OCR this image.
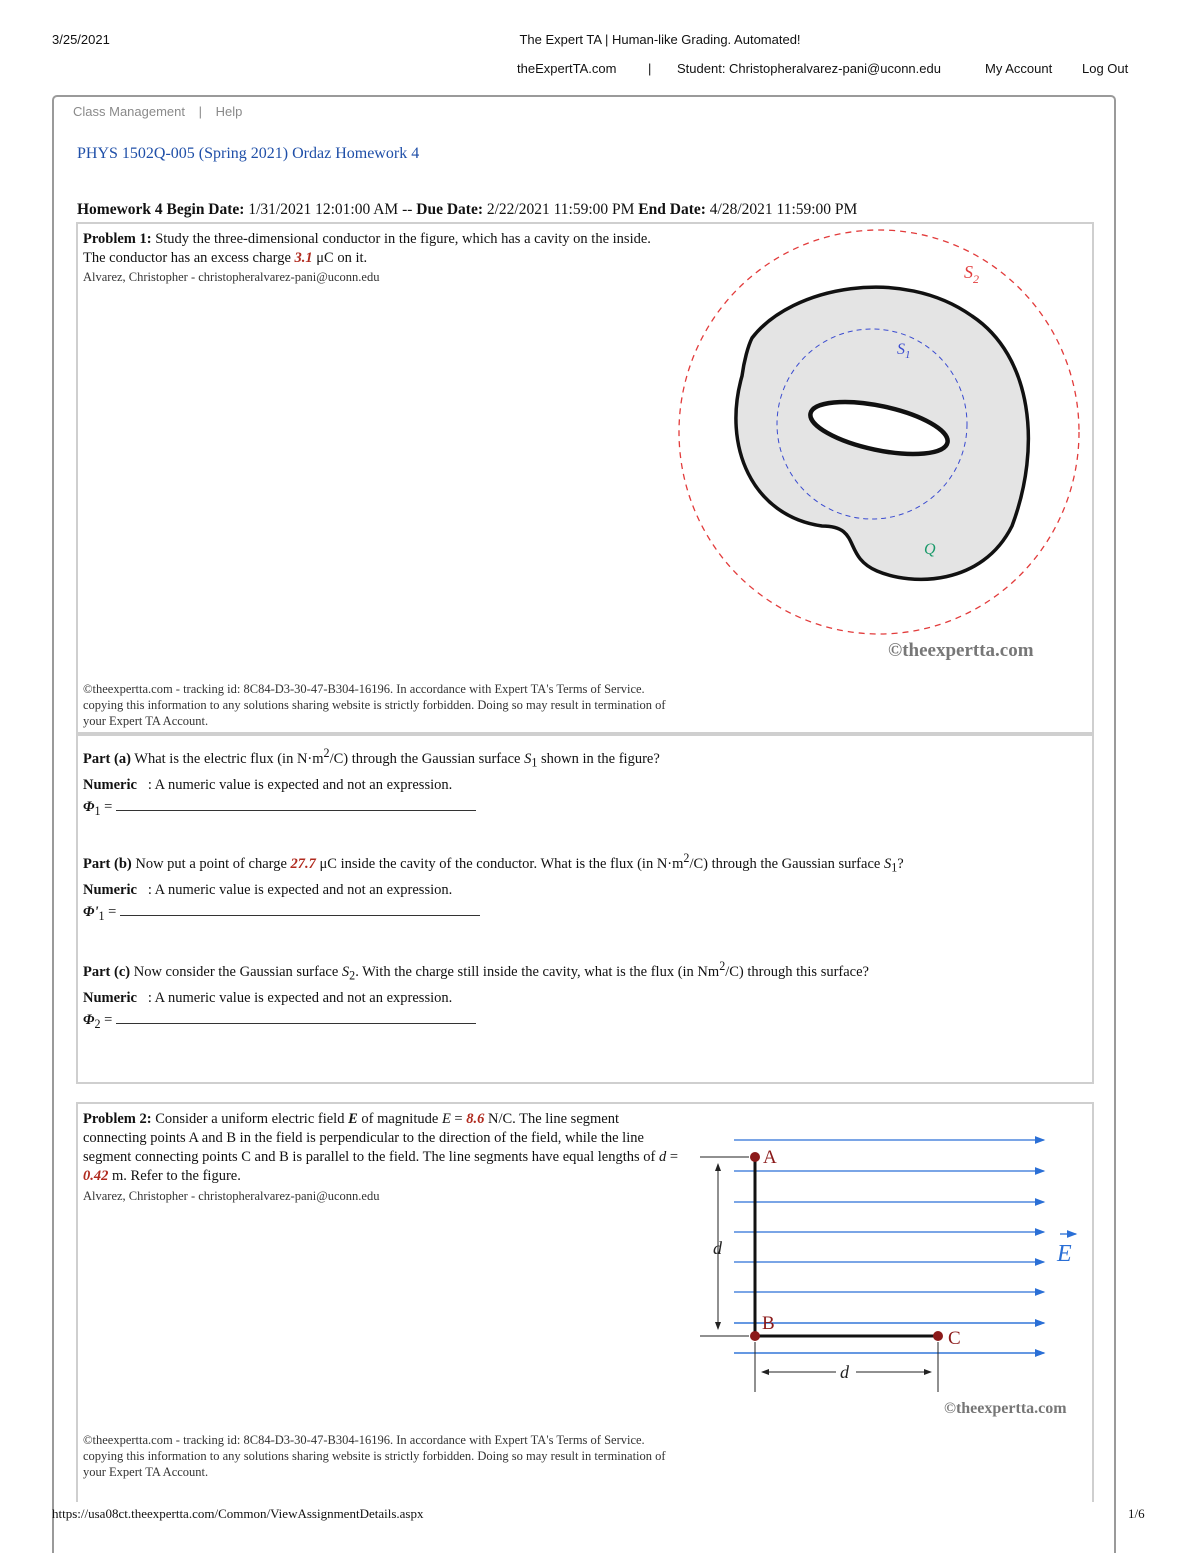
3/25/2021	The Expert TA | Human-like Grading. Automated!
theExpertTA.com | Student: Christopheralvarez-pani@uconn.edu	My Account Log Out
Class Management | Help
PHYS 1502Q-005 (Spring 2021) Ordaz Homework 4
Homework 4 Begin Date: 1/31/2021 12:01:00 AM -- Due Date: 2/22/2021 11:59:00 PM End Date: 4/28/2021 11:59:00 PM
Problem 1: Study the three-dimensional conductor in the figure, which has a cavity on the inside. The conductor has an excess charge 3.1 μC on it.
Alvarez, Christopher - christopheralvarez-pani@uconn.edu	$S_2$
$S_1$
Q
©theexpertta.com
©theexpertta.com - tracking id: 8C84-D3-30-47-B304-16196. In accordance with Expert TA's Terms of Service. copying this information to any solutions sharing website is strictly forbidden. Doing so may result in termination of your Expert TA Account.
Part (a) What is the electric flux (in $N\cdot m^2/C$) through the Gaussian surface $S_1$ shown in the figure?
Numeric : A numeric value is expected and not an expression.
$\Phi_1$ =
Part (b) Now put a point of charge 27.7 μC inside the cavity of the conductor. What is the flux (in $N\cdot m^2/C$) through the Gaussian surface $S_1$?
Numeric : A numeric value is expected and not an expression.
$\Phi'_1$ =
Part (c) Now consider the Gaussian surface $S_2$. With the charge still inside the cavity, what is the flux (in Nm$^2$/C) through this surface?
Numeric : A numeric value is expected and not an expression.
$\Phi_2$ =
Problem 2: Consider a uniform electric field E of magnitude E = 8.6 N/C. The line segment connecting points A and B in the field is perpendicular to the direction of the field, while the line segment connecting points C and B is parallel to the field. The line segments have equal lengths of d = 0.42 m. Refer to the figure.
Alvarez, Christopher - christopheralvarez-pani@uconn.edu
A
B
C
d
d
E
©theexpertta.com
©theexpertta.com - tracking id: 8C84-D3-30-47-B304-16196. In accordance with Expert TA's Terms of Service. copying this information to any solutions sharing website is strictly forbidden. Doing so may result in termination of your Expert TA Account.
https://usa08ct.theexpertta.com/Common/ViewAssignmentDetails.aspx	1/6
